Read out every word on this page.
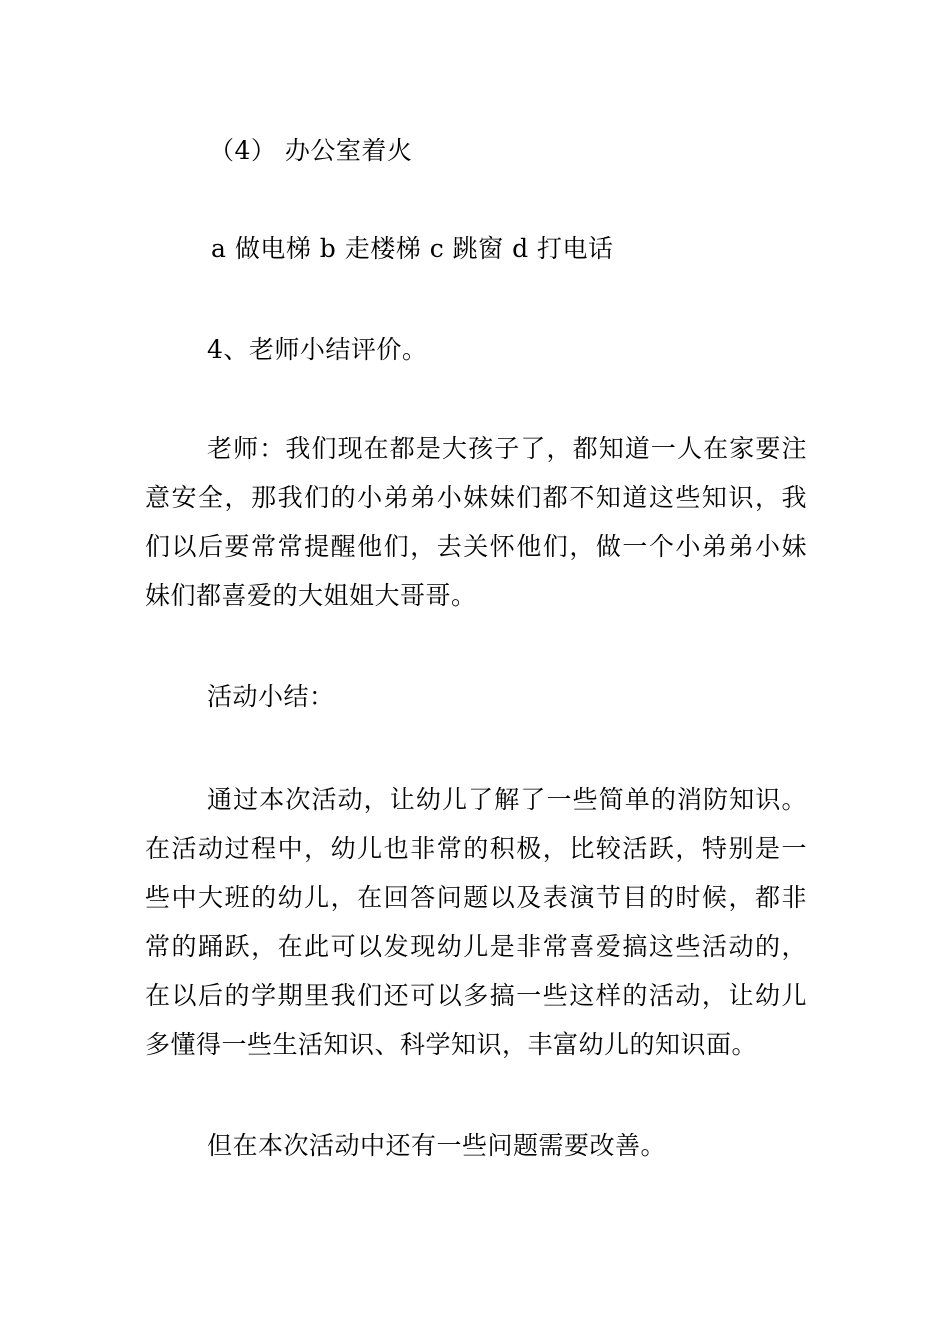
（4） 办公室着火

a 做电梯 b 走楼梯 c 跳窗 d 打电话

4、老师小结评价。

老师：我们现在都是大孩子了，都知道一人在家要注意安全，那我们的小弟弟小妹妹们都不知道这些知识，我们以后要常常提醒他们，去关怀他们，做一个小弟弟小妹妹们都喜爱的大姐姐大哥哥。

活动小结：

通过本次活动，让幼儿了解了一些简单的消防知识。在活动过程中，幼儿也非常的积极，比较活跃，特别是一些中大班的幼儿，在回答问题以及表演节目的时候，都非常的踊跃，在此可以发现幼儿是非常喜爱搞这些活动的，在以后的学期里我们还可以多搞一些这样的活动，让幼儿多懂得一些生活知识、科学知识，丰富幼儿的知识面。

但在本次活动中还有一些问题需要改善。
